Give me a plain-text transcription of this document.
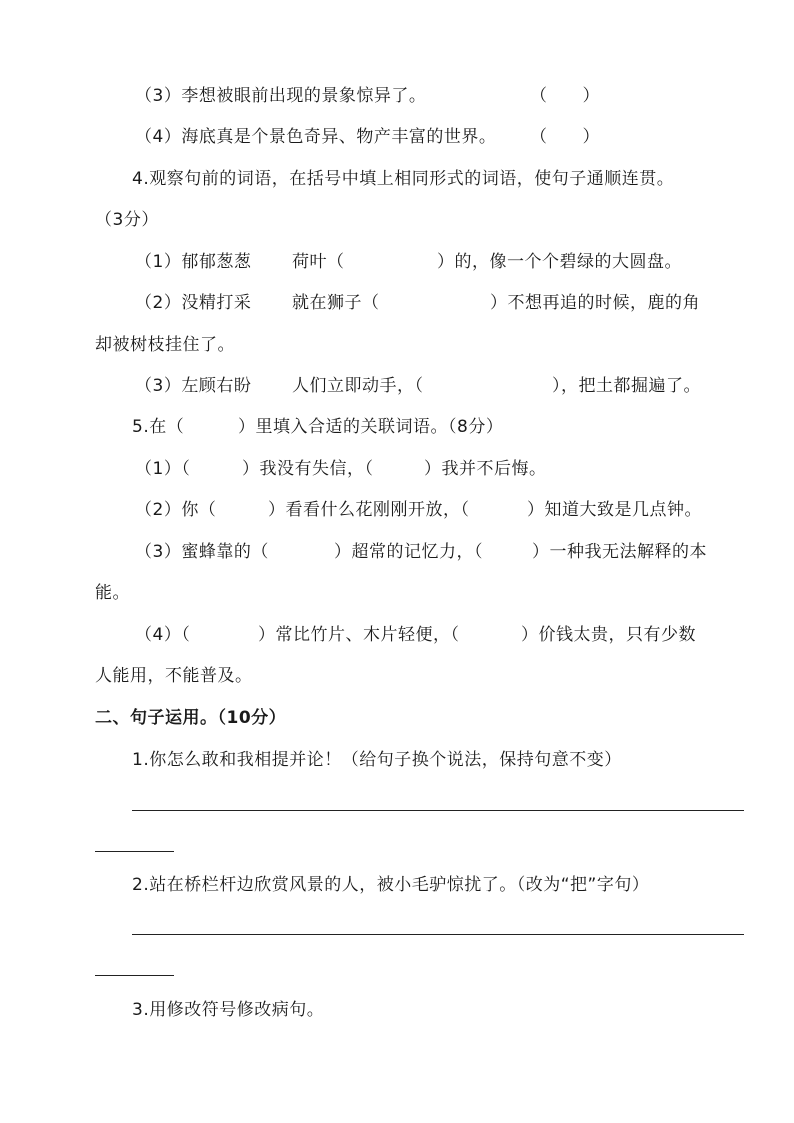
（3）李想被眼前出现的景象惊异了。	（　　）
（4）海底真是个景色奇异、物产丰富的世界。 （　　）
4.观察句前的词语，在括号中填上相同形式的词语，使句子通顺连贯。
（3分）
（1）郁郁葱葱 荷叶（	）的，像一个个碧绿的大圆盘。
（2）没精打采 就在狮子（	）不想再追的时候，鹿的角
却被树枝挂住了。
（3）左顾右盼 人们立即动手，（	），把土都掘遍了。
5.在（	）里填入合适的关联词语。（8分）
（1）（	）我没有失信，（	）我并不后悔。
（2）你（	）看看什么花刚刚开放，（	）知道大致是几点钟。
（3）蜜蜂靠的（	）超常的记忆力，（	）一种我无法解释的本
能。
（4）（	）常比竹片、木片轻便，（	）价钱太贵，只有少数
人能用，不能普及。
二、句子运用。（10分）
1.你怎么敢和我相提并论！（给句子换个说法，保持句意不变）
2.站在桥栏杆边欣赏风景的人，被小毛驴惊扰了。（改为“把”字句）
3.用修改符号修改病句。
